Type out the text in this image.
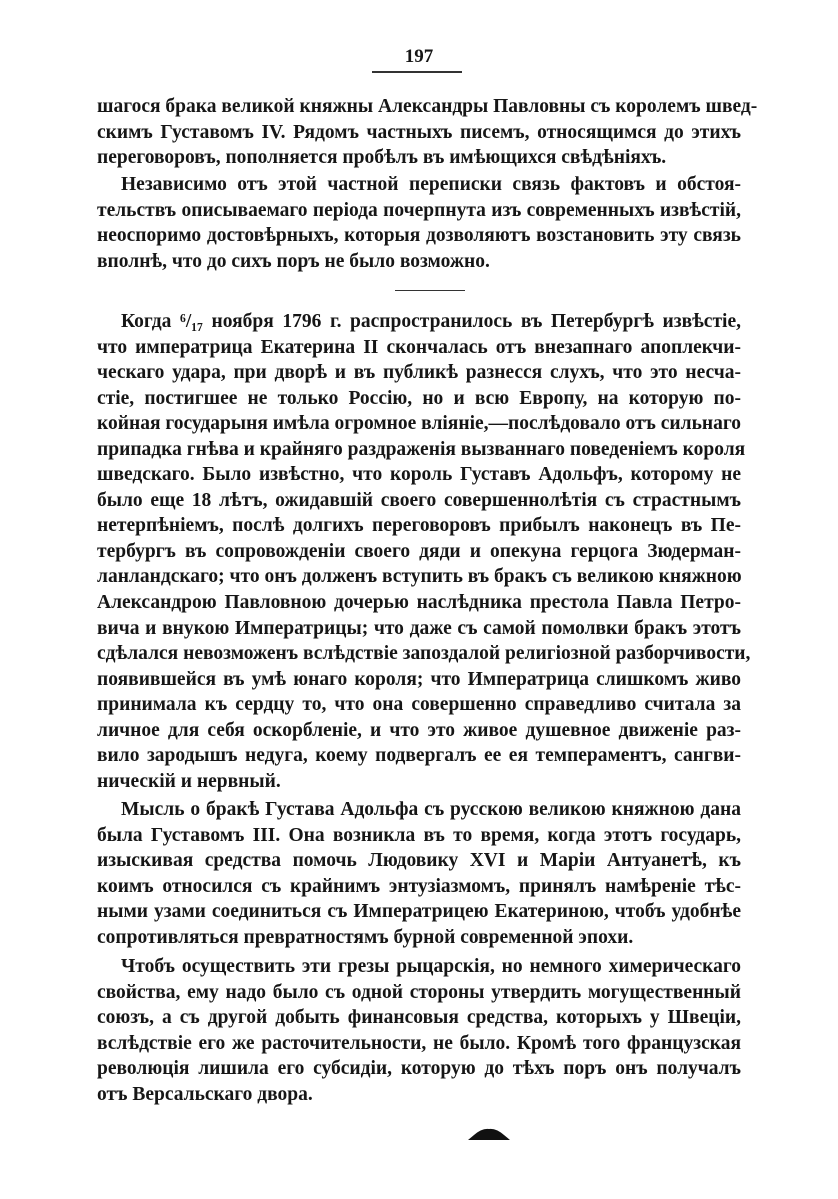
197
шагося брака великой княжны Александры Павловны съ королемъ швед-
скимъ Густавомъ IV. Рядомъ частныхъ писемъ, относящимся до этихъ
переговоровъ, пополняется пробѣлъ въ имѣющихся свѣдѣніяхъ.
Независимо отъ этой частной переписки связь фактовъ и обстоя-
тельствъ описываемаго періода почерпнута изъ современныхъ извѣстій,
неоспоримо достовѣрныхъ, которыя дозволяютъ возстановить эту связь
вполнѣ, что до сихъ поръ не было возможно.
Когда ⁶/₁₇ ноября 1796 г. распространилось въ Петербургѣ извѣстіе,
что императрица Екатерина II скончалась отъ внезапнаго апоплекчи-
ческаго удара, при дворѣ и въ публикѣ разнесся слухъ, что это несча-
стіе, постигшее не только Россію, но и всю Европу, на которую по-
койная государыня имѣла огромное вліяніе,—послѣдовало отъ сильнаго
припадка гнѣва и крайняго раздраженія вызваннаго поведеніемъ короля
шведскаго. Было извѣстно, что король Густавъ Адольфъ, которому не
было еще 18 лѣтъ, ожидавшій своего совершеннолѣтія съ страстнымъ
нетерпѣніемъ, послѣ долгихъ переговоровъ прибылъ наконецъ въ Пе-
тербургъ въ сопровожденіи своего дяди и опекуна герцога Зюдерман-
ланландскаго; что онъ долженъ вступить въ бракъ съ великою княжною
Александрою Павловною дочерью наслѣдника престола Павла Петро-
вича и внукою Императрицы; что даже съ самой помолвки бракъ этотъ
сдѣлался невозможенъ вслѣдствіе запоздалой религіозной разборчивости,
появившейся въ умѣ юнаго короля; что Императрица слишкомъ живо
принимала къ сердцу то, что она совершенно справедливо считала за
личное для себя оскорбленіе, и что это живое душевное движеніе раз-
вило зародышъ недуга, коему подвергалъ ее ея темпераментъ, сангви-
ническій и нервный.
Мысль о бракѣ Густава Адольфа съ русскою великою княжною дана
была Густавомъ III. Она возникла въ то время, когда этотъ государь,
изыскивая средства помочь Людовику XVI и Маріи Антуанетѣ, къ
коимъ относился съ крайнимъ энтузіазмомъ, принялъ намѣреніе тѣс-
ными узами соединиться съ Императрицею Екатериною, чтобъ удобнѣе
сопротивляться превратностямъ бурной современной эпохи.
Чтобъ осуществить эти грезы рыцарскія, но немного химерическаго
свойства, ему надо было съ одной стороны утвердить могущественный
союзъ, а съ другой добыть финансовыя средства, которыхъ у Швеціи,
вслѣдствіе его же расточительности, не было. Кромѣ того французская
революція лишила его субсидіи, которую до тѣхъ поръ онъ получалъ
отъ Версальскаго двора.
